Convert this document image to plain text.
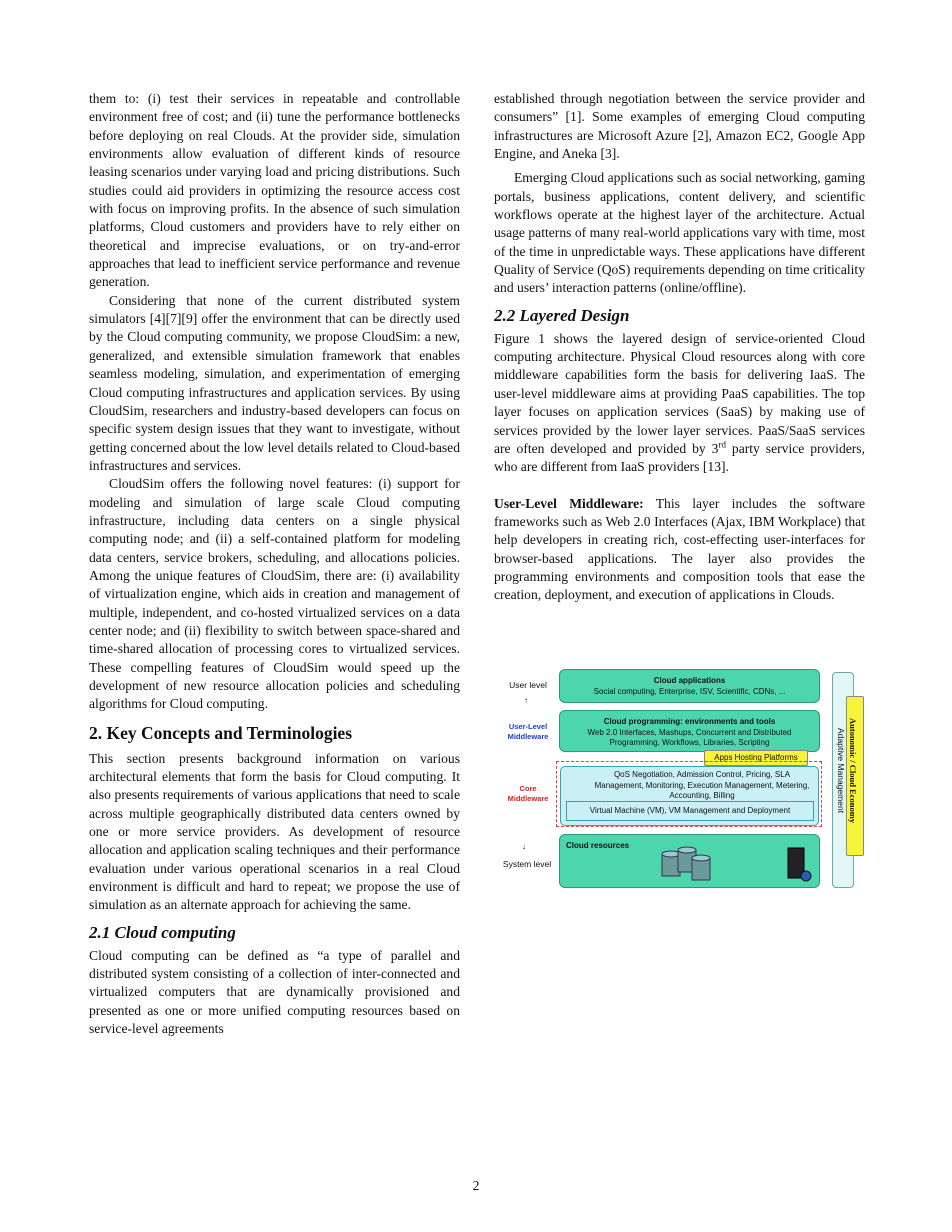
them to: (i) test their services in repeatable and controllable environment free of cost; and (ii) tune the performance bottlenecks before deploying on real Clouds. At the provider side, simulation environments allow evaluation of different kinds of resource leasing scenarios under varying load and pricing distributions. Such studies could aid providers in optimizing the resource access cost with focus on improving profits. In the absence of such simulation platforms, Cloud customers and providers have to rely either on theoretical and imprecise evaluations, or on try-and-error approaches that lead to inefficient service performance and revenue generation.

Considering that none of the current distributed system simulators [4][7][9] offer the environment that can be directly used by the Cloud computing community, we propose CloudSim: a new, generalized, and extensible simulation framework that enables seamless modeling, simulation, and experimentation of emerging Cloud computing infrastructures and application services. By using CloudSim, researchers and industry-based developers can focus on specific system design issues that they want to investigate, without getting concerned about the low level details related to Cloud-based infrastructures and services.

CloudSim offers the following novel features: (i) support for modeling and simulation of large scale Cloud computing infrastructure, including data centers on a single physical computing node; and (ii) a self-contained platform for modeling data centers, service brokers, scheduling, and allocations policies. Among the unique features of CloudSim, there are: (i) availability of virtualization engine, which aids in creation and management of multiple, independent, and co-hosted virtualized services on a data center node; and (ii) flexibility to switch between space-shared and time-shared allocation of processing cores to virtualized services. These compelling features of CloudSim would speed up the development of new resource allocation policies and scheduling algorithms for Cloud computing.

2. Key Concepts and Terminologies

This section presents background information on various architectural elements that form the basis for Cloud computing. It also presents requirements of various applications that need to scale across multiple geographically distributed data centers owned by one or more service providers. As development of resource allocation and application scaling techniques and their performance evaluation under various operational scenarios in a real Cloud environment is difficult and hard to repeat; we propose the use of simulation as an alternate approach for achieving the same.

2.1 Cloud computing

Cloud computing can be defined as “a type of parallel and distributed system consisting of a collection of inter-connected and virtualized computers that are dynamically provisioned and presented as one or more unified computing resources based on service-level agreements

established through negotiation between the service provider and consumers” [1]. Some examples of emerging Cloud computing infrastructures are Microsoft Azure [2], Amazon EC2, Google App Engine, and Aneka [3].

Emerging Cloud applications such as social networking, gaming portals, business applications, content delivery, and scientific workflows operate at the highest layer of the architecture. Actual usage patterns of many real-world applications vary with time, most of the time in unpredictable ways. These applications have different Quality of Service (QoS) requirements depending on time criticality and users’ interaction patterns (online/offline).

2.2 Layered Design

Figure 1 shows the layered design of service-oriented Cloud computing architecture. Physical Cloud resources along with core middleware capabilities form the basis for delivering IaaS. The user-level middleware aims at providing PaaS capabilities. The top layer focuses on application services (SaaS) by making use of services provided by the lower layer services. PaaS/SaaS services are often developed and provided by 3rd party service providers, who are different from IaaS providers [13].

User-Level Middleware: This layer includes the software frameworks such as Web 2.0 Interfaces (Ajax, IBM Workplace) that help developers in creating rich, cost-effecting user-interfaces for browser-based applications. The layer also provides the programming environments and composition tools that ease the creation, deployment, and execution of applications in Clouds.

User level
↑
User-Level Middleware
Core Middleware
↓
System level
Cloud applications
Social computing, Enterprise, ISV, Scientific, CDNs, ...
Cloud programming: environments and tools
Web 2.0 Interfaces, Mashups, Concurrent and Distributed Programming, Workflows, Libraries, Scripting
Apps Hosting Platforms
QoS Negotiation, Admission Control, Pricing, SLA Management, Monitoring, Execution Management, Metering, Accounting, Billing
Virtual Machine (VM), VM Management and Deployment
Cloud resources
Autonomic / Cloud Economy
Adaptive Management
2
